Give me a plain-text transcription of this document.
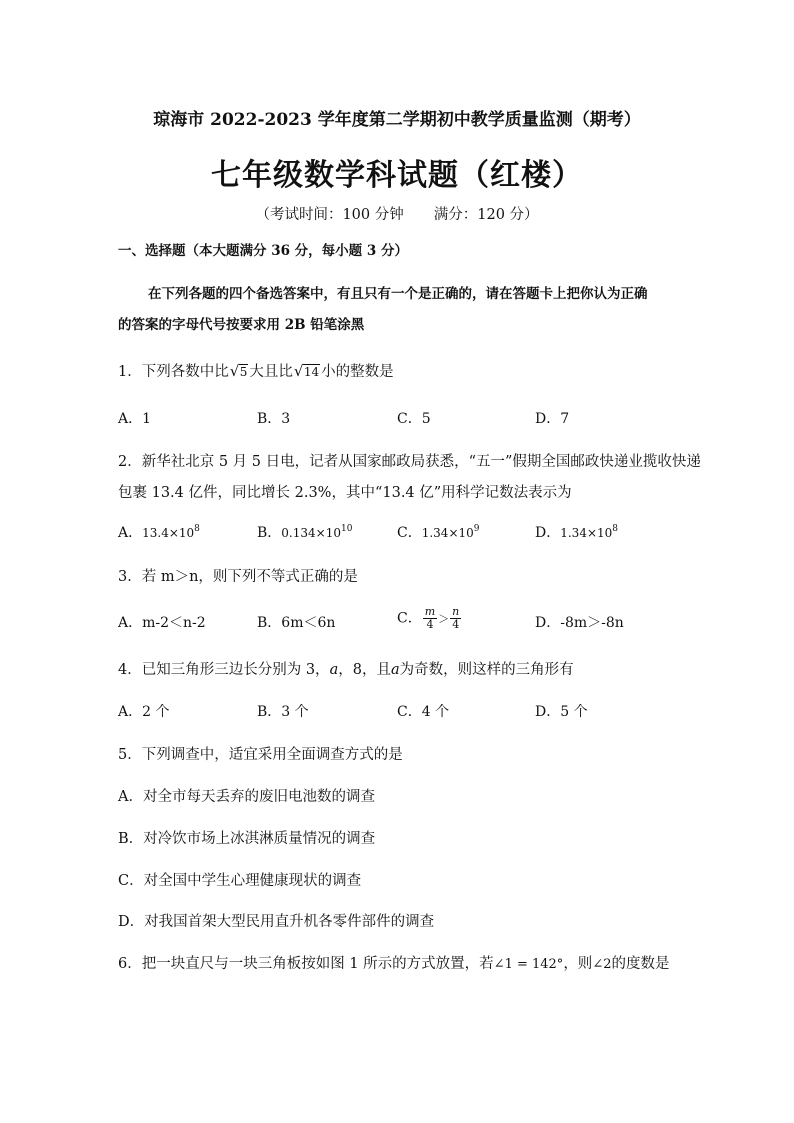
琼海市 2022-2023 学年度第二学期初中教学质量监测（期考）
七年级数学科试题（红楼）
（考试时间：100 分钟 满分：120 分）
一、选择题（本大题满分 36 分，每小题 3 分）
在下列各题的四个备选答案中，有且只有一个是正确的，请在答题卡上把你认为正确
的答案的字母代号按要求用 2B 铅笔涂黑
1．下列各数中比 √ 5 大且比 √ 14 小的整数是
A．1	B．3	C．5	D．7
2．新华社北京 5 月 5 日电，记者从国家邮政局获悉，“五一”假期全国邮政快递业揽收快递
包裹 13.4 亿件，同比增长 2.3%，其中“13.4 亿”用科学记数法表示为
A．$13.4\times 10^8$	B．$0.134\times 10^{10}$	C．$1.34\times 10^9$	D．$1.34\times 10^8$
3．若 m＞n，则下列不等式正确的是
A．m-2＜n-2	B．6m＜6n	C． $\frac{m}{4} > \frac{n}{4}$	D．-8m＞-8n
4．已知三角形三边长分别为 3，a，8，且a为奇数，则这样的三角形有
A．2 个	B．3 个	C．4 个	D．5 个
5．下列调查中，适宜采用全面调查方式的是
A．对全市每天丢弃的废旧电池数的调查
B．对冷饮市场上冰淇淋质量情况的调查
C．对全国中学生心理健康现状的调查
D．对我国首架大型民用直升机各零件部件的调查
6．把一块直尺与一块三角板按如图 1 所示的方式放置，若∠1 = 142°，则∠2的度数是
